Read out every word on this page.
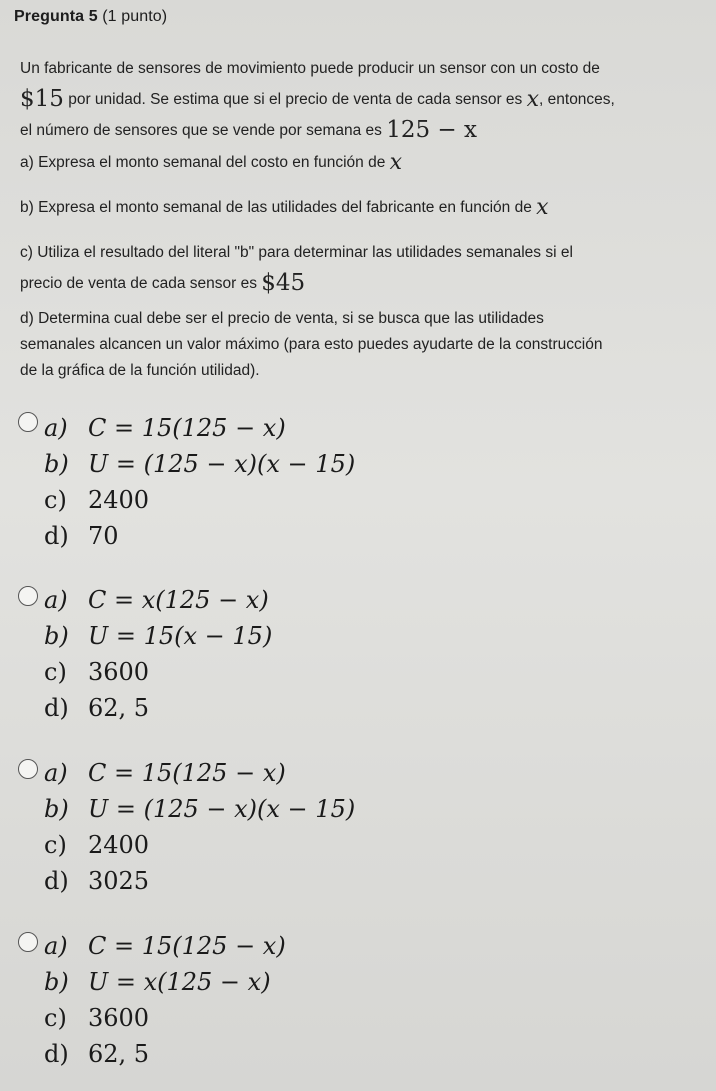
Pregunta 5 (1 punto)
Un fabricante de sensores de movimiento puede producir un sensor con un costo de
$15 por unidad. Se estima que si el precio de venta de cada sensor es x, entonces,
el número de sensores que se vende por semana es 125 − x
a) Expresa el monto semanal del costo en función de x
b) Expresa el monto semanal de las utilidades del fabricante en función de x
c) Utiliza el resultado del literal "b" para determinar las utilidades semanales si el
precio de venta de cada sensor es $45
d) Determina cual debe ser el precio de venta, si se busca que las utilidades
semanales alcancen un valor máximo (para esto puedes ayudarte de la construcción
de la gráfica de la función utilidad).
a) C = 15(125 − x)
b) U = (125 − x)(x − 15)
c) 2400
d) 70
a) C = x(125 − x)
b) U = 15(x − 15)
c) 3600
d) 62, 5
a) C = 15(125 − x)
b) U = (125 − x)(x − 15)
c) 2400
d) 3025
a) C = 15(125 − x)
b) U = x(125 − x)
c) 3600
d) 62, 5
